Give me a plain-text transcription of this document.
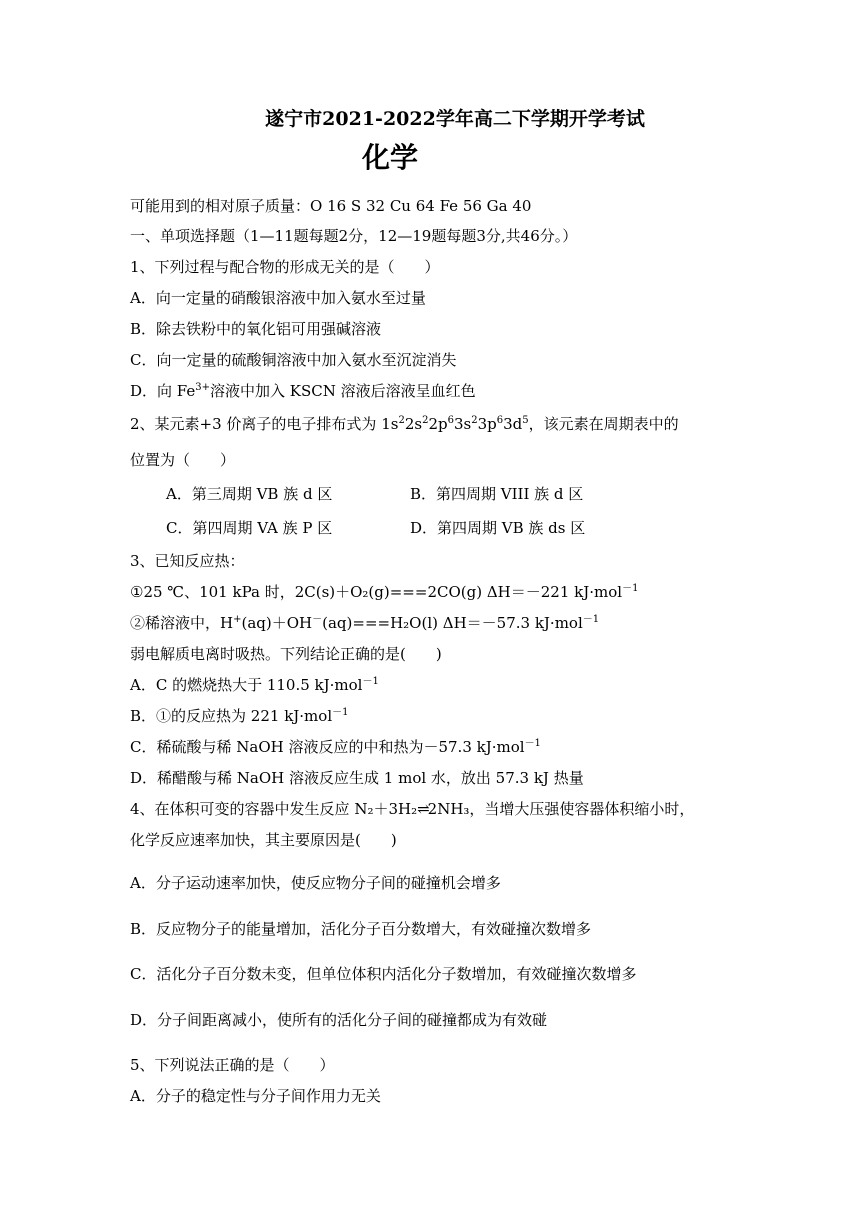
遂宁市2021-2022学年高二下学期开学考试
化学
可能用到的相对原子质量：O 16 S 32 Cu 64 Fe 56 Ga 40
一、单项选择题（1—11题每题2分，12—19题每题3分,共46分。）
1、下列过程与配合物的形成无关的是（　　）
A．向一定量的硝酸银溶液中加入氨水至过量
B．除去铁粉中的氧化铝可用强碱溶液
C．向一定量的硫酸铜溶液中加入氨水至沉淀消失
D．向 $Fe^{3+}$溶液中加入 KSCN 溶液后溶液呈血红色
2、某元素+3 价离子的电子排布式为 $1s^22s^22p^63s^23p^63d^5$，该元素在周期表中的
位置为（　　）
A．第三周期 VB 族 d 区	B．第四周期 VIII 族 d 区
C．第四周期 VA 族 P 区	D．第四周期 VB 族 ds 区
3、已知反应热：
①25 ℃、101 kPa 时，2C(s)＋O₂(g)===2CO(g) ΔH＝－221 kJ·mol$^{-1}$
②稀溶液中，H+(aq)＋OH－(aq)===H₂O(l) ΔH＝－57.3 kJ·mol$^{-1}$
弱电解质电离时吸热。下列结论正确的是(　　)
A．C 的燃烧热大于 110.5 kJ·mol$^{-1}$
B．①的反应热为 221 kJ·mol$^{-1}$
C．稀硫酸与稀 NaOH 溶液反应的中和热为－57.3 kJ·mol$^{-1}$
D．稀醋酸与稀 NaOH 溶液反应生成 1 mol 水，放出 57.3 kJ 热量
4、在体积可变的容器中发生反应 N₂＋3H₂⇌2NH₃，当增大压强使容器体积缩小时，
化学反应速率加快，其主要原因是(　　)
A．分子运动速率加快，使反应物分子间的碰撞机会增多
B．反应物分子的能量增加，活化分子百分数增大，有效碰撞次数增多
C．活化分子百分数未变，但单位体积内活化分子数增加，有效碰撞次数增多
D．分子间距离减小，使所有的活化分子间的碰撞都成为有效碰
5、下列说法正确的是（　　）
A．分子的稳定性与分子间作用力无关
